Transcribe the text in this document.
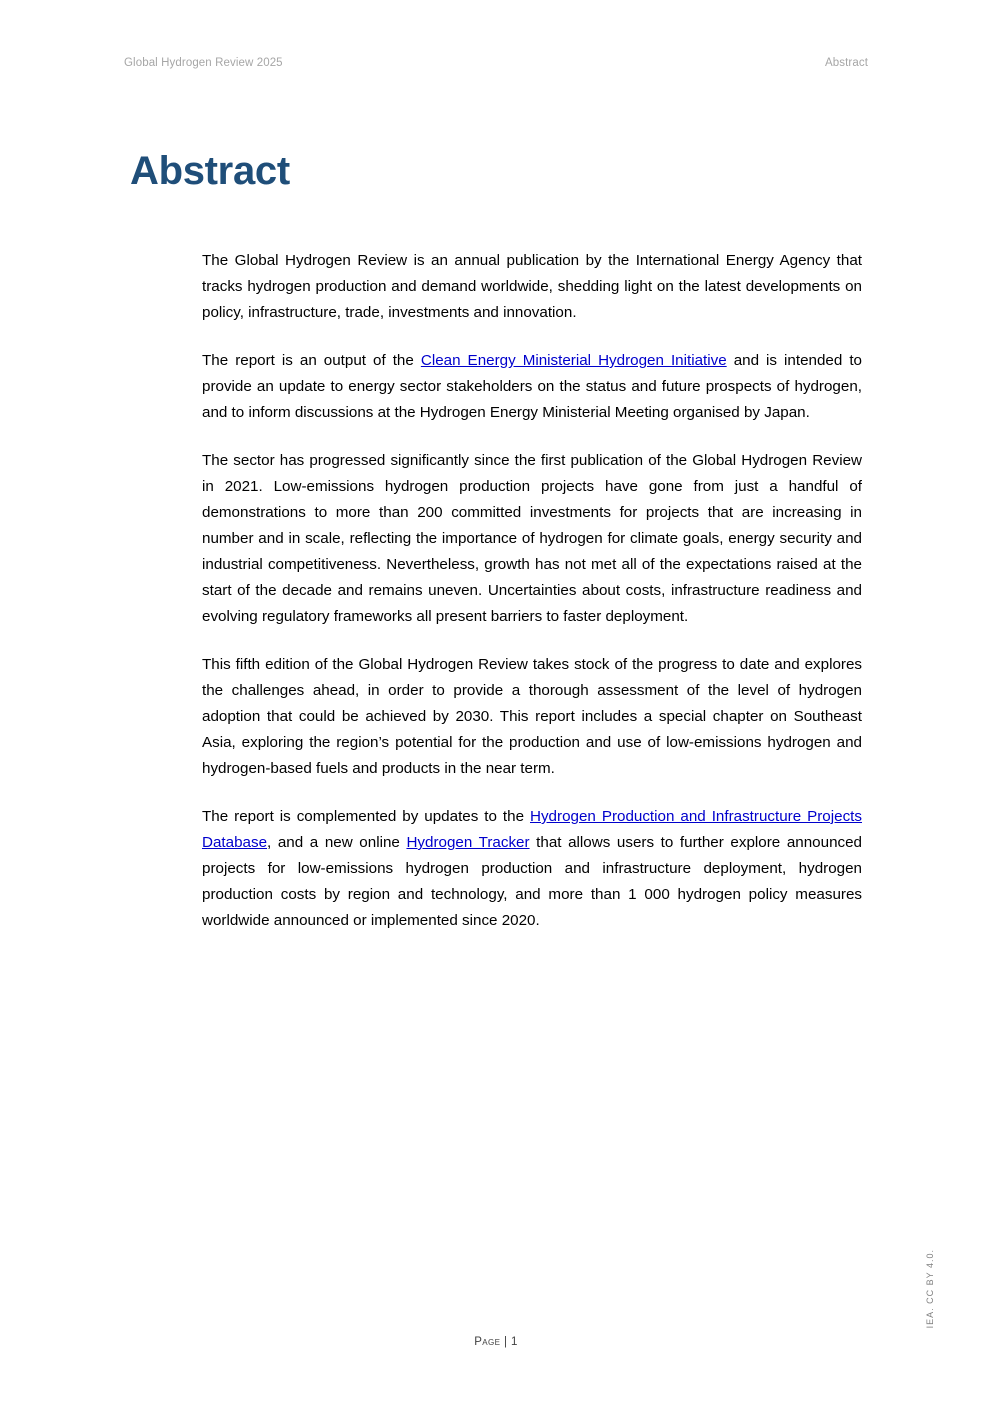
Global Hydrogen Review 2025	Abstract
Abstract

The Global Hydrogen Review is an annual publication by the International Energy Agency that tracks hydrogen production and demand worldwide, shedding light on the latest developments on policy, infrastructure, trade, investments and innovation.

The report is an output of the Clean Energy Ministerial Hydrogen Initiative and is intended to provide an update to energy sector stakeholders on the status and future prospects of hydrogen, and to inform discussions at the Hydrogen Energy Ministerial Meeting organised by Japan.

The sector has progressed significantly since the first publication of the Global Hydrogen Review in 2021. Low-emissions hydrogen production projects have gone from just a handful of demonstrations to more than 200 committed investments for projects that are increasing in number and in scale, reflecting the importance of hydrogen for climate goals, energy security and industrial competitiveness. Nevertheless, growth has not met all of the expectations raised at the start of the decade and remains uneven. Uncertainties about costs, infrastructure readiness and evolving regulatory frameworks all present barriers to faster deployment.

This fifth edition of the Global Hydrogen Review takes stock of the progress to date and explores the challenges ahead, in order to provide a thorough assessment of the level of hydrogen adoption that could be achieved by 2030. This report includes a special chapter on Southeast Asia, exploring the region’s potential for the production and use of low-emissions hydrogen and hydrogen-based fuels and products in the near term.

The report is complemented by updates to the Hydrogen Production and Infrastructure Projects Database, and a new online Hydrogen Tracker that allows users to further explore announced projects for low-emissions hydrogen production and infrastructure deployment, hydrogen production costs by region and technology, and more than 1 000 hydrogen policy measures worldwide announced or implemented since 2020.

Page | 1
IEA. CC BY 4.0.
